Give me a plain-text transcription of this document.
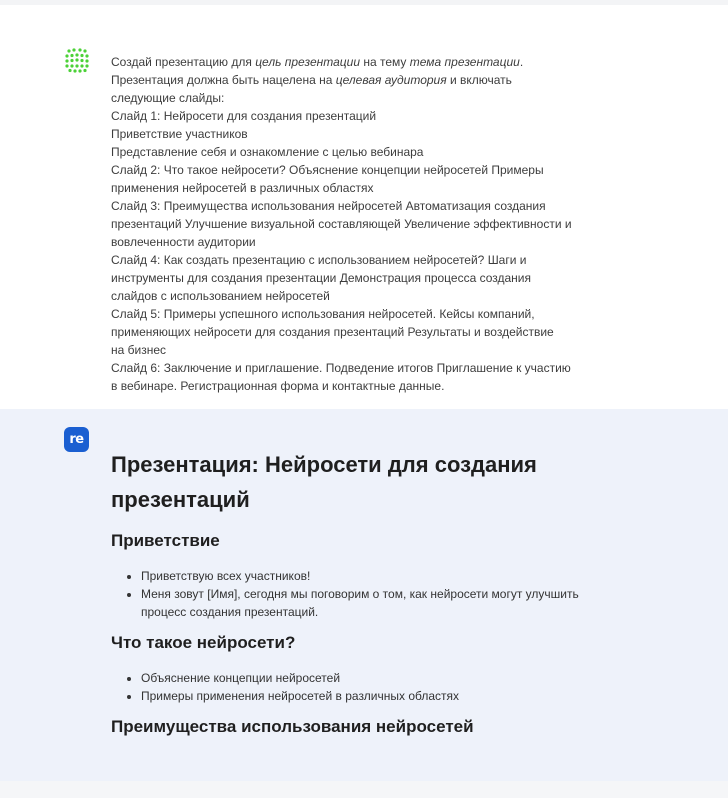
Создай презентацию для цель презентации на тему тема презентации.

Презентация должна быть нацелена на целевая аудитория и включать

следующие слайды:

Слайд 1: Нейросети для создания презентаций

Приветствие участников

Представление себя и ознакомление с целью вебинара

Слайд 2: Что такое нейросети? Объяснение концепции нейросетей Примеры

применения нейросетей в различных областях

Слайд 3: Преимущества использования нейросетей Автоматизация создания

презентаций Улучшение визуальной составляющей Увеличение эффективности и

вовлеченности аудитории

Слайд 4: Как создать презентацию с использованием нейросетей? Шаги и

инструменты для создания презентации Демонстрация процесса создания

слайдов с использованием нейросетей

Слайд 5: Примеры успешного использования нейросетей. Кейсы компаний,

применяющих нейросети для создания презентаций Результаты и воздействие

на бизнес

Слайд 6: Заключение и приглашение. Подведение итогов Приглашение к участию

в вебинаре. Регистрационная форма и контактные данные.

re
Презентация: Нейросети для создания презентаций
Приветствие
• Приветствую всех участников!
• Меня зовут [Имя], сегодня мы поговорим о том, как нейросети могут улучшить процесс создания презентаций.
Что такое нейросети?
• Объяснение концепции нейросетей
• Примеры применения нейросетей в различных областях
Преимущества использования нейросетей
